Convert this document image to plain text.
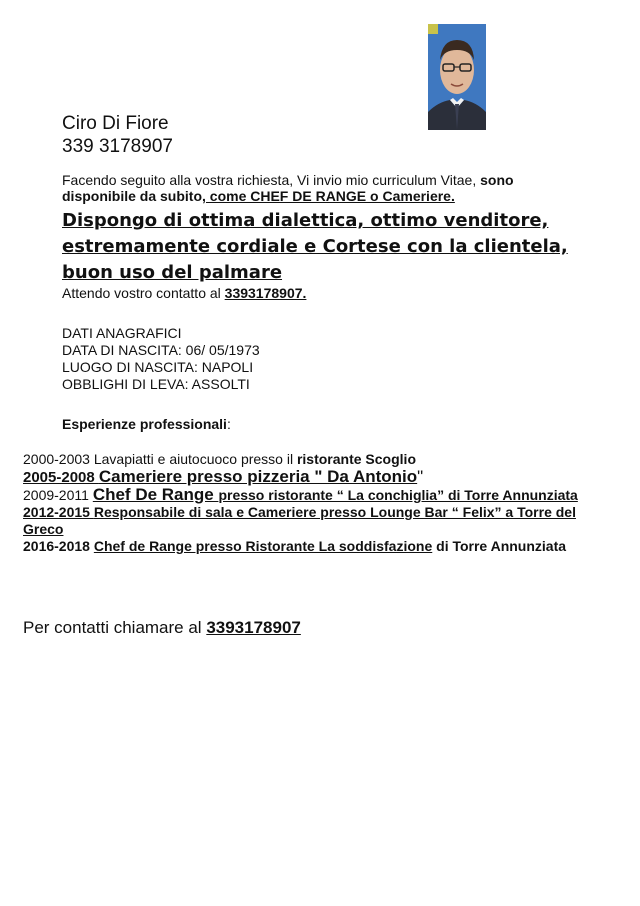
Ciro Di Fiore
339 3178907
Facendo seguito alla vostra richiesta, Vi invio mio curriculum Vitae, sono disponibile da subito, come CHEF DE RANGE o Cameriere.
Dispongo di ottima dialettica, ottimo venditore, estremamente cordiale e Cortese con la clientela, buon uso del palmare
Attendo vostro contatto al 3393178907.
DATI ANAGRAFICI
DATA DI NASCITA: 06/ 05/1973
LUOGO DI NASCITA: NAPOLI
OBBLIGHI DI LEVA: ASSOLTI
Esperienze professionali:
2000-2003 Lavapiatti e aiutocuoco presso il ristorante Scoglio
2005-2008 Cameriere presso pizzeria " Da Antonio"
2009-2011 Chef De Range presso ristorante “ La conchiglia” di Torre Annunziata
2012-2015 Responsabile di sala e Cameriere presso Lounge Bar “ Felix” a Torre del Greco
2016-2018 Chef de Range presso Ristorante La soddisfazione di Torre Annunziata
Per contatti chiamare al 3393178907
